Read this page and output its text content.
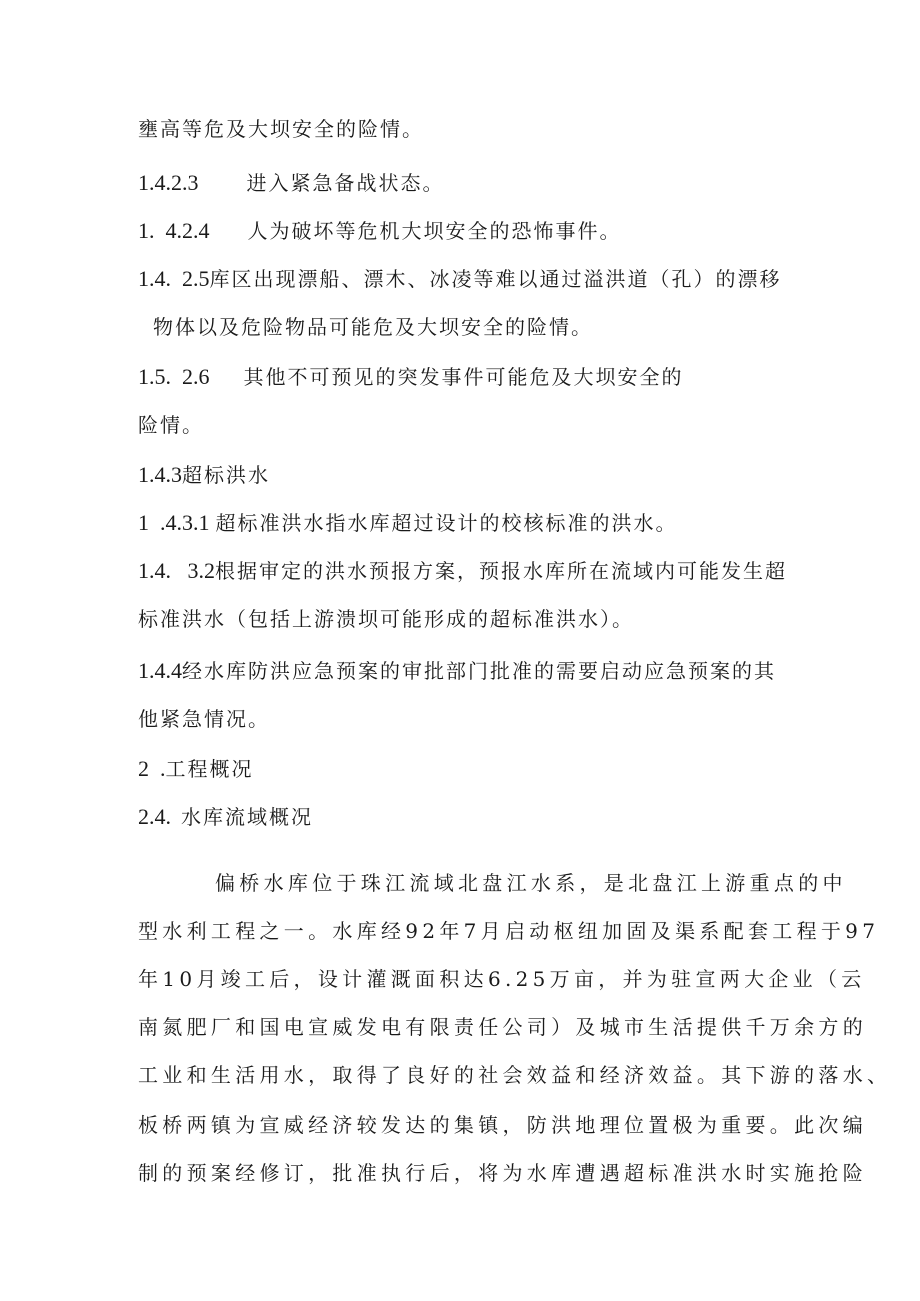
壅高等危及大坝安全的险情。
1.4.2.3 进入紧急备战状态。
1.  4.2.4 人为破坏等危机大坝安全的恐怖事件。
1.4.  2.5库区出现漂船、漂木、冰凌等难以通过溢洪道（孔）的漂移
物体以及危险物品可能危及大坝安全的险情。
1.5.  2.6 其他不可预见的突发事件可能危及大坝安全的
险情。
1.4.3超标洪水
1  .4.3.1 超标准洪水指水库超过设计的校核标准的洪水。
1.4.   3.2根据审定的洪水预报方案，预报水库所在流域内可能发生超
标准洪水（包括上游溃坝可能形成的超标准洪水）。
1.4.4经水库防洪应急预案的审批部门批准的需要启动应急预案的其
他紧急情况。
2  .工程概况
2.4. 水库流域概况
偏桥水库位于珠江流域北盘江水系，是北盘江上游重点的中
型水利工程之一。水库经92年7月启动枢纽加固及渠系配套工程于97
年10月竣工后，设计灌溉面积达6.25万亩，并为驻宣两大企业（云
南氮肥厂和国电宣威发电有限责任公司）及城市生活提供千万余方的
工业和生活用水，取得了良好的社会效益和经济效益。其下游的落水、
板桥两镇为宣威经济较发达的集镇，防洪地理位置极为重要。此次编
制的预案经修订，批准执行后，将为水库遭遇超标准洪水时实施抢险
